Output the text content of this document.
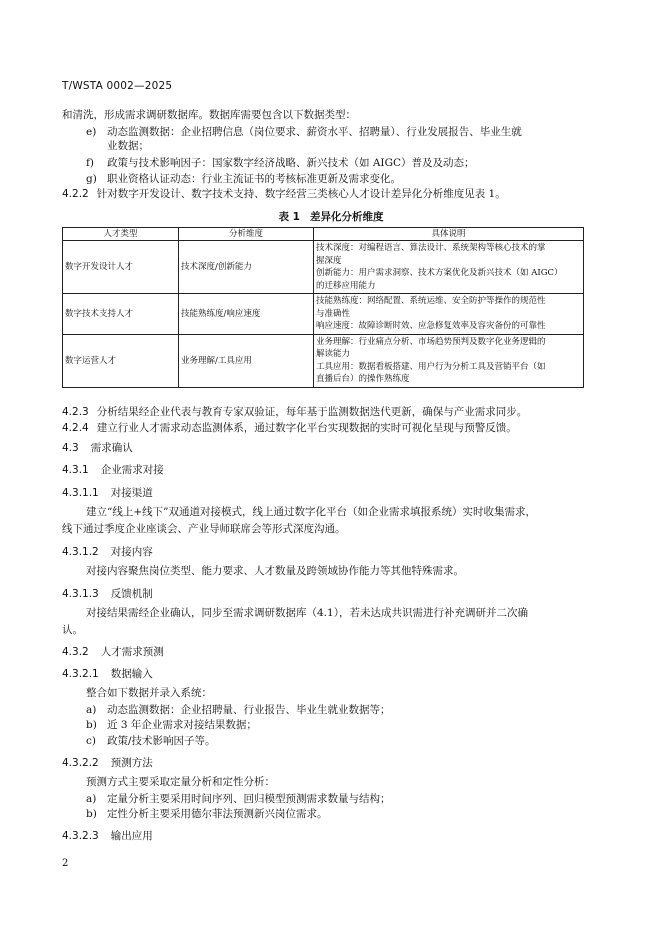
T/WSTA 0002—2025
和清洗，形成需求调研数据库。数据库需要包含以下数据类型：
e) 动态监测数据：企业招聘信息（岗位要求、薪资水平、招聘量）、行业发展报告、毕业生就
业数据；
f) 政策与技术影响因子：国家数字经济战略、新兴技术（如 AIGC）普及及动态；
g) 职业资格认证动态：行业主流证书的考核标准更新及需求变化。
4.2.2 针对数字开发设计、数字技术支持、数字经营三类核心人才设计差异化分析维度见表 1。
表 1 差异化分析维度
人才类型	分析维度	具体说明
数字开发设计人才	技术深度/创新能力	技术深度：对编程语言、算法设计、系统架构等核心技术的掌
握深度
创新能力：用户需求洞察、技术方案优化及新兴技术（如 AIGC）
的迁移应用能力

数字技术支持人才	技能熟练度/响应速度	技能熟练度：网络配置、系统运维、安全防护等操作的规范性
与准确性
响应速度：故障诊断时效、应急修复效率及容灾备份的可靠性

数字运营人才	业务理解/工具应用	业务理解：行业痛点分析、市场趋势预判及数字化业务逻辑的
解读能力
工具应用：数据看板搭建、用户行为分析工具及营销平台（如
直播后台）的操作熟练度
4.2.3 分析结果经企业代表与教育专家双验证，每年基于监测数据迭代更新，确保与产业需求同步。
4.2.4 建立行业人才需求动态监测体系，通过数字化平台实现数据的实时可视化呈现与预警反馈。
4.3 需求确认
4.3.1 企业需求对接
4.3.1.1 对接渠道
建立“线上+线下”双通道对接模式，线上通过数字化平台（如企业需求填报系统）实时收集需求，
线下通过季度企业座谈会、产业导师联席会等形式深度沟通。
4.3.1.2 对接内容
对接内容聚焦岗位类型、能力要求、人才数量及跨领域协作能力等其他特殊需求。
4.3.1.3 反馈机制
对接结果需经企业确认，同步至需求调研数据库（4.1），若未达成共识需进行补充调研并二次确
认。
4.3.2 人才需求预测
4.3.2.1 数据输入
整合如下数据并录入系统：
a) 动态监测数据：企业招聘量、行业报告、毕业生就业数据等；
b) 近 3 年企业需求对接结果数据；
c) 政策/技术影响因子等。
4.3.2.2 预测方法
预测方式主要采取定量分析和定性分析：
a) 定量分析主要采用时间序列、回归模型预测需求数量与结构；
b) 定性分析主要采用德尔菲法预测新兴岗位需求。
4.3.2.3 输出应用
2
